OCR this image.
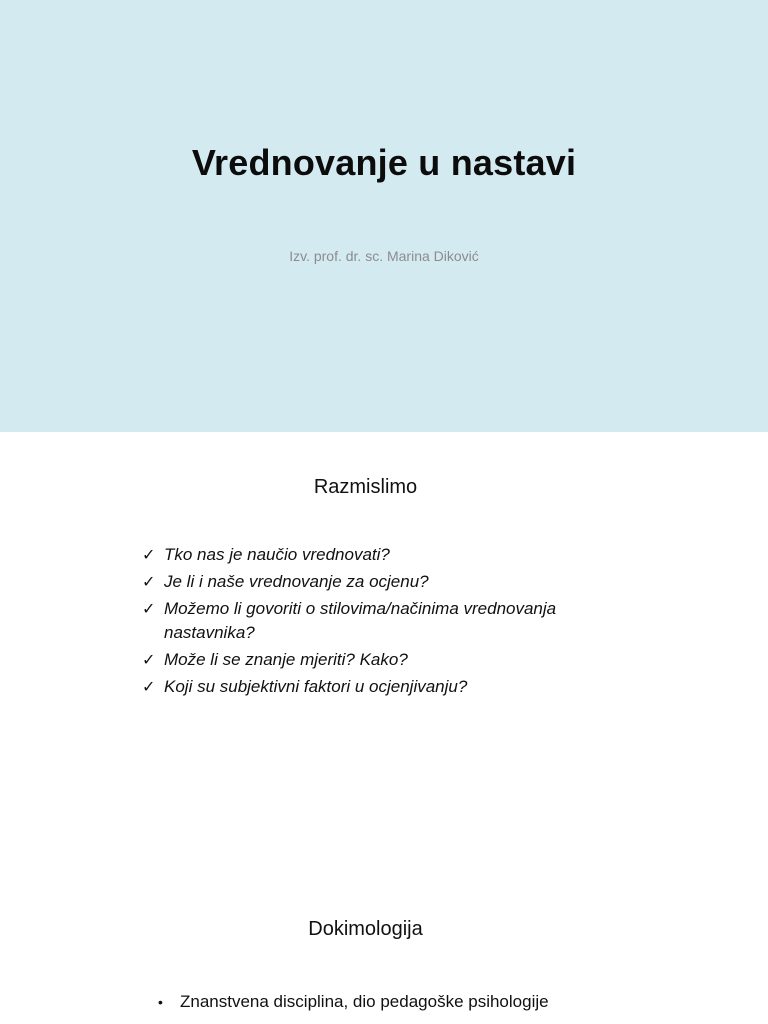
Vrednovanje u nastavi
Izv. prof. dr. sc. Marina Diković
Razmislimo
✓ Tko nas je naučio vrednovati?
✓ Je li i naše vrednovanje za ocjenu?
✓ Možemo li govoriti o stilovima/načinima vrednovanja nastavnika?
✓ Može li se znanje mjeriti? Kako?
✓ Koji su subjektivni faktori u ocjenjivanju?
Dokimologija
• Znanstvena disciplina, dio pedagoške psihologije
